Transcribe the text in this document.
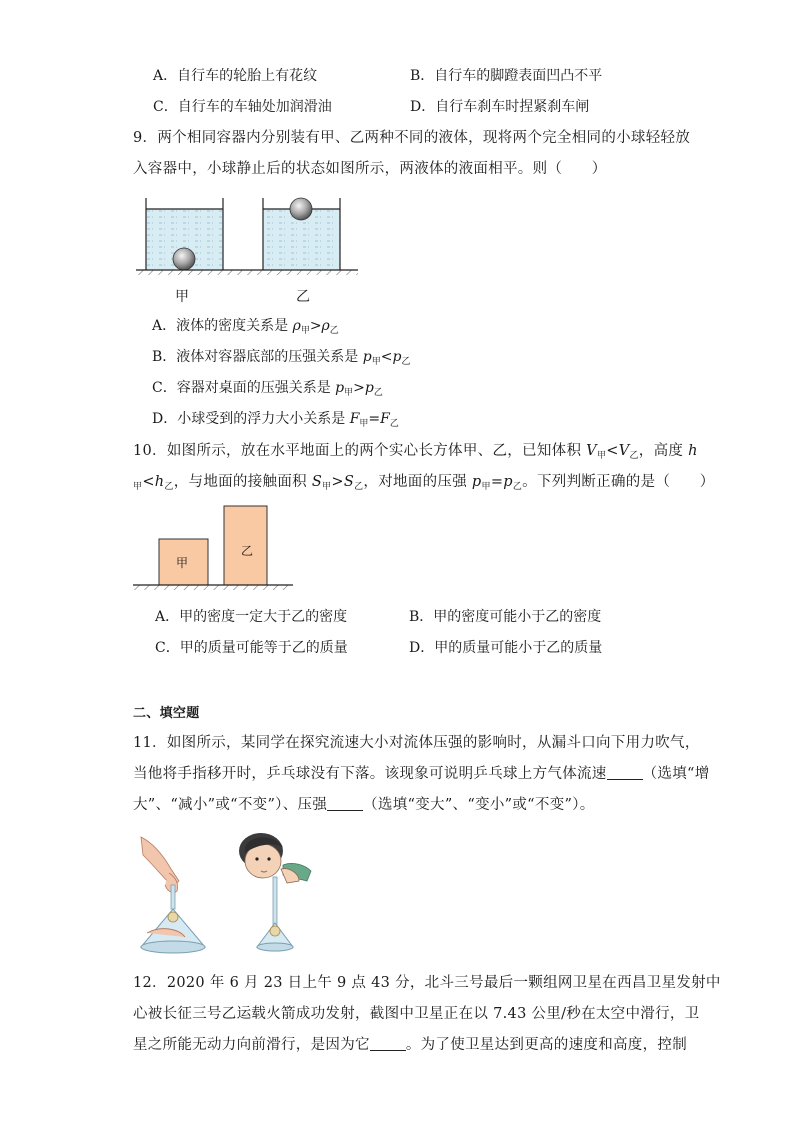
A．自行车的轮胎上有花纹	B．自行车的脚蹬表面凹凸不平
C．自行车的车轴处加润滑油	D．自行车刹车时捏紧刹车闸
9．两个相同容器内分别装有甲、乙两种不同的液体，现将两个完全相同的小球轻轻放
入容器中，小球静止后的状态如图所示，两液体的液面相平。则（　　）
甲	乙
A．液体的密度关系是 $\rho_甲>\rho_乙$
B．液体对容器底部的压强关系是 $p_甲<p_乙$
C．容器对桌面的压强关系是 $p_甲>p_乙$
D．小球受到的浮力大小关系是 $F_甲=F_乙$
10．如图所示，放在水平地面上的两个实心长方体甲、乙，已知体积 $V_甲<V_乙$，高度 h
$_甲<h_乙$，与地面的接触面积 $S_甲>S_乙$，对地面的压强 $p_甲=p_乙$。下列判断正确的是（　　）
甲
乙
A．甲的密度一定大于乙的密度	B．甲的密度可能小于乙的密度
C．甲的质量可能等于乙的质量	D．甲的质量可能小于乙的质量
二、填空题
11．如图所示，某同学在探究流速大小对流体压强的影响时，从漏斗口向下用力吹气，
当他将手指移开时，乒乓球没有下落。该现象可说明乒乓球上方气体流速 （选填“增
大”、“减小”或“不变”）、压强 （选填“变大”、“变小”或“不变”）。
12．2020 年 6 月 23 日上午 9 点 43 分，北斗三号最后一颗组网卫星在西昌卫星发射中
心被长征三号乙运载火箭成功发射，截图中卫星正在以 7.43 公里/秒在太空中滑行，卫
星之所能无动力向前滑行，是因为它 。为了使卫星达到更高的速度和高度，控制
